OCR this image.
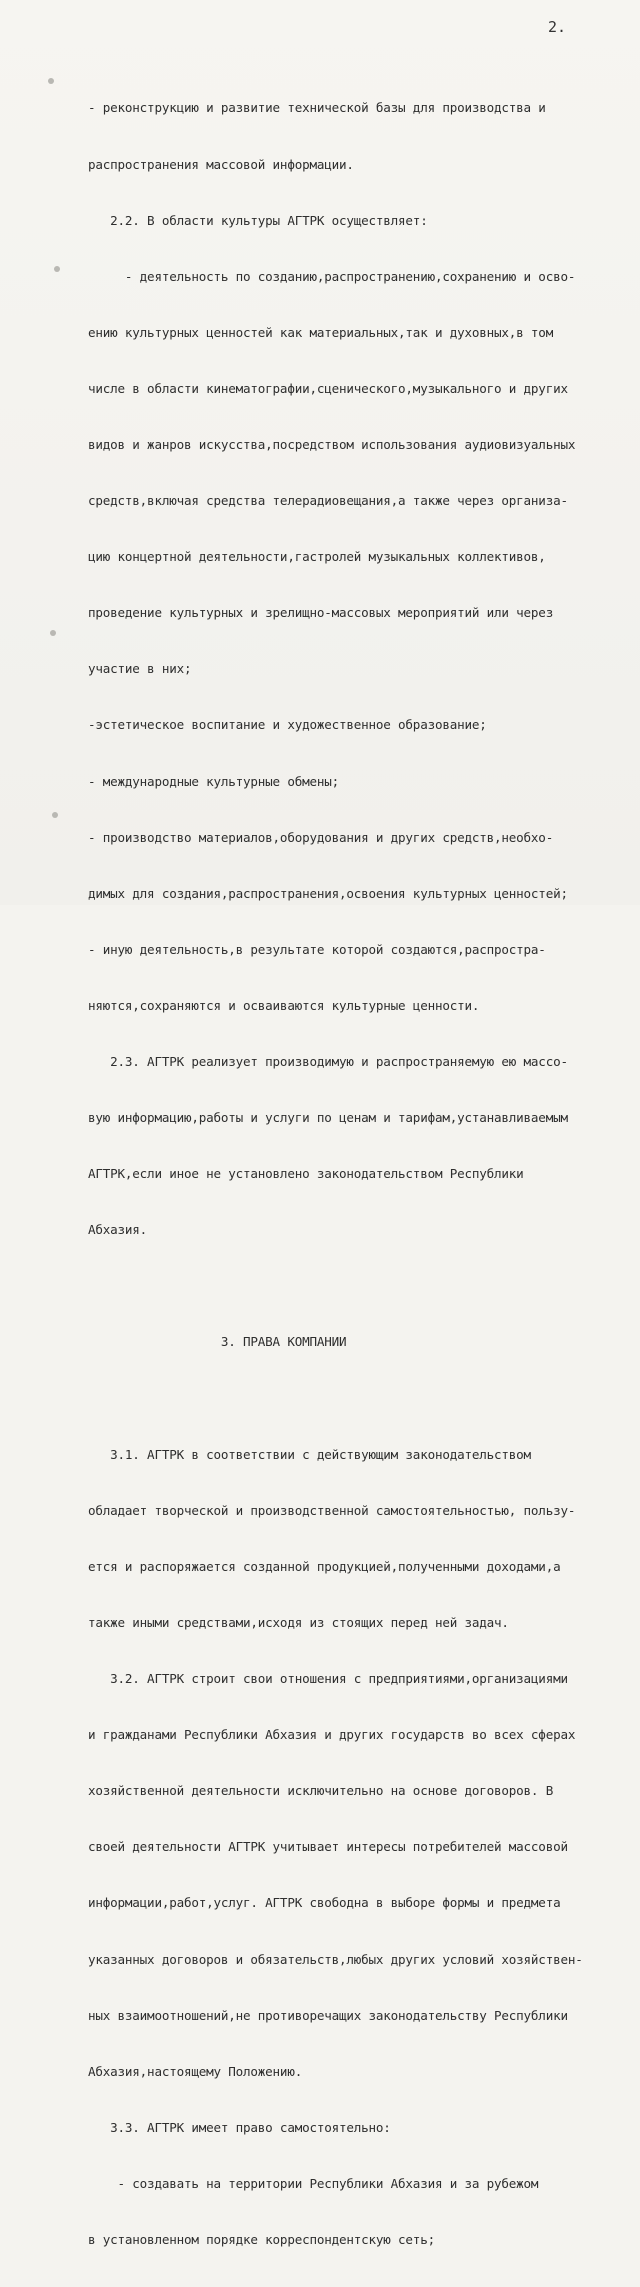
2.

- реконструкцию и развитие технической базы для производства и

распространения массовой информации.

2.2. В области культуры АГТРК осуществляет:

- деятельность по созданию,распространению,сохранению и осво-

ению культурных ценностей как материальных,так и духовных,в том

числе в области кинематографии,сценического,музыкального и других

видов и жанров искусства,посредством использования аудиовизуальных

средств,включая средства телерадиовещания,а также через организа-

цию концертной деятельности,гастролей музыкальных коллективов,

проведение культурных и зрелищно-массовых мероприятий или через

участие в них;

-эстетическое воспитание и художественное образование;

- международные культурные обмены;

- производство материалов,оборудования и других средств,необхо-

димых для создания,распространения,освоения культурных ценностей;

- иную деятельность,в результате которой создаются,распростра-

няются,сохраняются и осваиваются культурные ценности.

2.3. АГТРК реализует производимую и распространяемую ею массо-

вую информацию,работы и услуги по ценам и тарифам,устанавливаемым

АГТРК,если иное не установлено законодательством Республики

Абхазия.

3. ПРАВА КОМПАНИИ

3.1. АГТРК в соответствии с действующим законодательством

обладает творческой и производственной самостоятельностью, пользу-

ется и распоряжается созданной продукцией,полученными доходами,а

также иными средствами,исходя из стоящих перед ней задач.

3.2. АГТРК строит свои отношения с предприятиями,организациями

и гражданами Республики Абхазия и других государств во всех сферах

хозяйственной деятельности исключительно на основе договоров. В

своей деятельности АГТРК учитывает интересы потребителей массовой

информации,работ,услуг. АГТРК свободна в выборе формы и предмета

указанных договоров и обязательств,любых других условий хозяйствен-

ных взаимоотношений,не противоречащих законодательству Республики

Абхазия,настоящему Положению.

3.3. АГТРК имеет право самостоятельно:

- создавать на территории Республики Абхазия и за рубежом

в установленном порядке корреспондентскую сеть;
